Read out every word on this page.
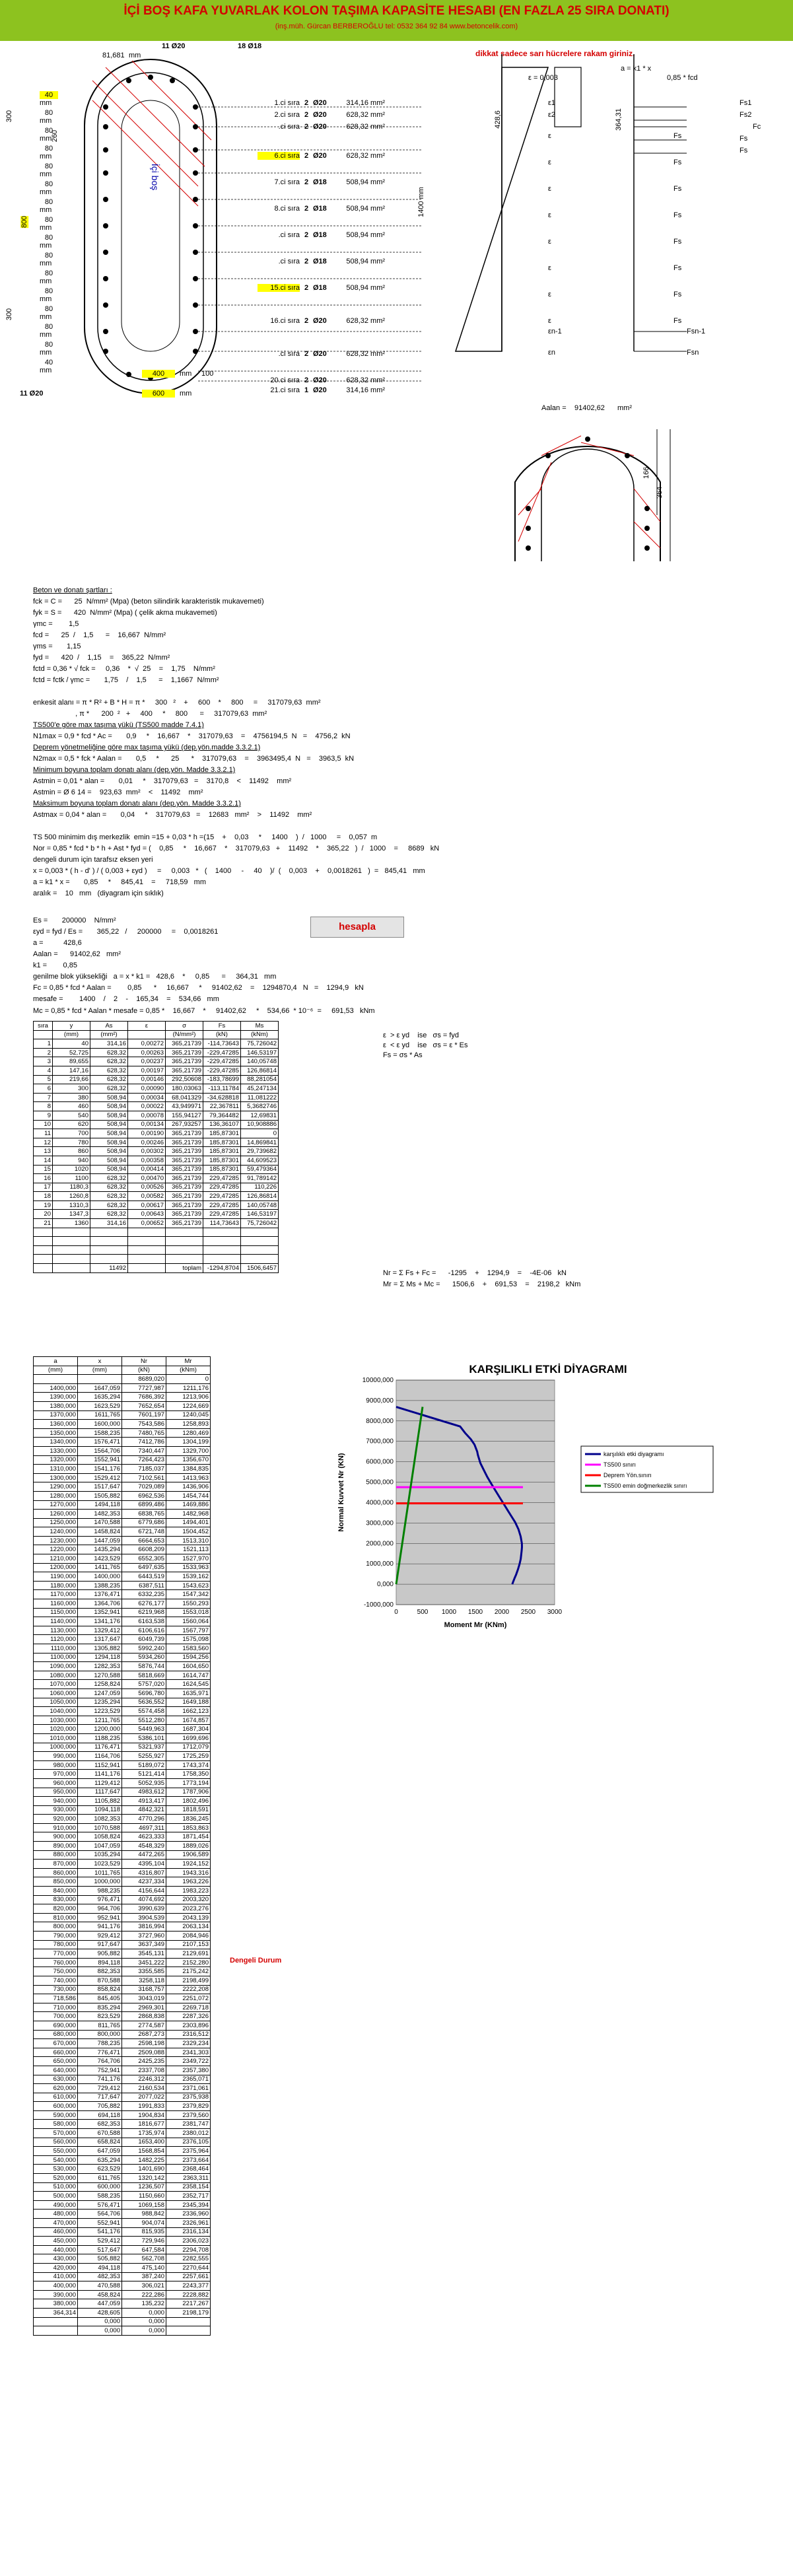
İÇİ BOŞ KAFA YUVARLAK KOLON TAŞIMA KAPASİTE HESABI (EN FAZLA 25 SIRA DONATI)
(inş.müh. Gürcan BERBEROĞLU tel: 0532 364 92 84 www.betoncelik.com)
dikkat sadece sarı hücrelere rakam giriniz.
11 Ø20	18 Ø18
81,681 mm
11 Ø20
İçi boş
400	mm 100
600	mm
300
800
300
260
1400 mm
428,6	364,31
40 mm
80 mm
80 mm
80 mm
80 mm
80 mm
80 mm
80 mm
80 mm
80 mm
80 mm
80 mm
80 mm
80 mm
80 mm
40 mm
1.ci sıra 2 Ø20	314,16 mm²
2.ci sıra 2 Ø20	628,32 mm²
.ci sıra 2 Ø20	628,32 mm²
6.ci sıra 2 Ø20	628,32 mm²
7.ci sıra 2 Ø18	508,94 mm²
8.ci sıra 2 Ø18	508,94 mm²
.ci sıra 2 Ø18	508,94 mm²
.ci sıra 2 Ø18	508,94 mm²
15.ci sıra 2 Ø18	508,94 mm²
16.ci sıra 2 Ø20	628,32 mm²
.ci sıra 2 Ø20	628,32 mm²
20.ci sıra 2 Ø20	628,32 mm²
21.ci sıra 1 Ø20	314,16 mm²
ε = 0,003	0,85 * fcd
a = k1 * x
Fs1
Fs2
Fc
Fs
Fs
Fsn-1
Fsn
εn-1
εn
ε1
ε2
ε	Fs
ε	Fs
ε	Fs
ε	Fs
ε	Fs
ε	Fs
ε	Fs
ε	Fs
Aalan = 91402,62 mm²
166
364
Beton ve donatı şartları :
fck = C =      25  N/mm² (Mpa) (beton silindirik karakteristik mukavemeti)
fyk = S =      420  N/mm² (Mpa) ( çelik akma mukavemeti)
γmc =        1,5
fcd =      25  /    1,5      =    16,667  N/mm²
γms =       1,15
fyd =      420  /    1,15    =    365,22  N/mm²
fctd = 0,36 * √ fck =     0,36    *  √  25    =    1,75    N/mm²
fctd = fctk / γmc =       1,75    /    1,5      =    1,1667  N/mm²
enkesit alanı = π * R² + B * H = π *     300   ²    +     600    *     800     =     317079,63  mm²
, π *      200  ²   +     400     *     800      =     317079,63  mm²
TS500'e göre max taşıma yükü (TS500 madde 7.4.1)
N1max = 0,9 * fcd * Ac =       0,9     *    16,667    *    317079,63    =    4756194,5  N   =    4756,2  kN
Deprem yönetmeliğine göre max taşıma yükü (dep.yön.madde 3.3.2.1)
N2max = 0,5 * fck * Aalan =       0,5     *      25      *    317079,63    =    3963495,4  N   =    3963,5  kN
Minimum boyuna toplam donatı alanı (dep.yön. Madde 3.3.2.1)
Astmin = 0,01 * alan =       0,01     *    317079,63   =    3170,8    <    11492    mm²
Astmin = Ø 6 14 =    923,63  mm²    <    11492    mm²
Maksimum boyuna toplam donatı alanı (dep.yön. Madde 3.3.2.1)
Astmax = 0,04 * alan =       0,04     *    317079,63   =    12683   mm²    >    11492    mm²
TS 500 minimim dış merkezlik  emin =15 + 0,03 * h =(15    +    0,03     *     1400    )  /   1000     =    0,057  m
Nor = 0,85 * fcd * b * h + Ast * fyd = (    0,85     *    16,667    *    317079,63   +    11492    *    365,22   )  /   1000    =     8689   kN
dengeli durum için tarafsız eksen yeri
x = 0,003 * ( h - d' ) / ( 0,003 + εyd )     =     0,003   *   (    1400     -     40    )/  (    0,003    +    0,0018261   )  =   845,41   mm
a = k1 * x =       0,85     *     845,41    =     718,59   mm
aralık =    10   mm   (diyagram için sıklık)
Es =       200000    N/mm²
εyd = fyd / Es =       365,22   /     200000     =    0,0018261
a =          428,6
Aalan =      91402,62   mm²
k1 =        0,85
genilme blok yüksekliği   a = x * k1 =   428,6    *     0,85      =     364,31   mm
Fc = 0,85 * fcd * Aalan =        0,85      *     16,667     *     91402,62    =    1294870,4   N   =    1294,9   kN
mesafe =        1400    /    2    -    165,34    =    534,66   mm
Mc = 0,85 * fcd * Aalan * mesafe = 0,85 *    16,667    *     91402,62     *    534,66  * 10⁻⁶  =     691,53   kNm
hesapla
ε  > ε yd    ise   σs = fyd
ε  < ε yd    ise   σs = ε * Es
Fs = σs * As
Nr = Σ Fs + Fc =      -1295    +    1294,9    =    -4E-06   kN
Mr = Σ Ms + Mc =      1506,6    +    691,53    =    2198,2   kNm
sıra	y	As	ε	σ	Fs	Ms
	(mm)	(mm²)		(N/mm²)	(kN)	(kNm)
1	40	314,16	0,00272	365,21739	-114,73643	75,726042
2	52,725	628,32	0,00263	365,21739	-229,47285	146,53197
3	89,655	628,32	0,00237	365,21739	-229,47285	140,05748
4	147,16	628,32	0,00197	365,21739	-229,47285	126,86814
5	219,66	628,32	0,00146	292,50608	-183,78699	88,281054
6	300	628,32	0,00090	180,03063	-113,11784	45,247134
7	380	508,94	0,00034	68,041329	-34,628818	11,081222
8	460	508,94	0,00022	43,949971	22,367811	5,3682746
9	540	508,94	0,00078	155,94127	79,364482	12,69831
10	620	508,94	0,00134	267,93257	136,36107	10,908886
11	700	508,94	0,00190	365,21739	185,87301	0
12	780	508,94	0,00246	365,21739	185,87301	14,869841
13	860	508,94	0,00302	365,21739	185,87301	29,739682
14	940	508,94	0,00358	365,21739	185,87301	44,609523
15	1020	508,94	0,00414	365,21739	185,87301	59,479364
16	1100	628,32	0,00470	365,21739	229,47285	91,789142
17	1180,3	628,32	0,00526	365,21739	229,47285	110,226
18	1260,8	628,32	0,00582	365,21739	229,47285	126,86814
19	1310,3	628,32	0,00617	365,21739	229,47285	140,05748
20	1347,3	628,32	0,00643	365,21739	229,47285	146,53197
21	1360	314,16	0,00652	365,21739	114,73643	75,726042

		11492		toplam	-1294,8704	1506,6457
a	x	Nr	Mr
(mm)	(mm)	(kN)	(kNm)
		8689,020	0
1400,000	1647,059	7727,987	1211,176
1390,000	1635,294	7686,392	1213,906
1380,000	1623,529	7652,654	1224,669
1370,000	1611,765	7601,197	1240,045
1360,000	1600,000	7543,586	1258,893
1350,000	1588,235	7480,765	1280,469
1340,000	1576,471	7412,786	1304,199
1330,000	1564,706	7340,447	1329,700
1320,000	1552,941	7264,423	1356,670
1310,000	1541,176	7185,037	1384,835
1300,000	1529,412	7102,561	1413,963
1290,000	1517,647	7029,089	1436,906
1280,000	1505,882	6962,536	1454,744
1270,000	1494,118	6899,486	1469,886
1260,000	1482,353	6838,765	1482,968
1250,000	1470,588	6779,686	1494,401
1240,000	1458,824	6721,748	1504,452
1230,000	1447,059	6664,653	1513,310
1220,000	1435,294	6608,209	1521,113
1210,000	1423,529	6552,305	1527,970
1200,000	1411,765	6497,635	1533,963
1190,000	1400,000	6443,519	1539,162
1180,000	1388,235	6387,511	1543,623
1170,000	1376,471	6332,235	1547,342
1160,000	1364,706	6276,177	1550,293
1150,000	1352,941	6219,968	1553,018
1140,000	1341,176	6163,538	1560,064
1130,000	1329,412	6106,616	1567,797
1120,000	1317,647	6049,739	1575,098
1110,000	1305,882	5992,240	1583,560
1100,000	1294,118	5934,260	1594,256
1090,000	1282,353	5876,744	1604,650
1080,000	1270,588	5818,669	1614,747
1070,000	1258,824	5757,020	1624,545
1060,000	1247,059	5696,780	1635,971
1050,000	1235,294	5636,552	1649,188
1040,000	1223,529	5574,458	1662,123
1030,000	1211,765	5512,280	1674,857
1020,000	1200,000	5449,963	1687,304
1010,000	1188,235	5386,101	1699,696
1000,000	1176,471	5321,937	1712,079
990,000	1164,706	5255,927	1725,259
980,000	1152,941	5189,072	1743,374
970,000	1141,176	5121,414	1758,350
960,000	1129,412	5052,935	1773,194
950,000	1117,647	4983,612	1787,906
940,000	1105,882	4913,417	1802,496
930,000	1094,118	4842,321	1818,591
920,000	1082,353	4770,296	1836,245
910,000	1070,588	4697,311	1853,863
900,000	1058,824	4623,333	1871,454
890,000	1047,059	4548,329	1889,026
880,000	1035,294	4472,265	1906,589
870,000	1023,529	4395,104	1924,152
860,000	1011,765	4316,807	1943,316
850,000	1000,000	4237,334	1963,226
840,000	988,235	4156,644	1983,223
830,000	976,471	4074,692	2003,320
820,000	964,706	3990,639	2023,276
810,000	952,941	3904,539	2043,139
800,000	941,176	3816,994	2063,134
790,000	929,412	3727,960	2084,946
780,000	917,647	3637,349	2107,153
770,000	905,882	3545,131	2129,691
760,000	894,118	3451,222	2152,280
750,000	882,353	3355,585	2175,242
740,000	870,588	3258,118	2198,499
730,000	858,824	3168,757	2222,208
718,586	845,405	3043,019	2251,072
710,000	835,294	2969,301	2269,718
700,000	823,529	2868,838	2287,326
690,000	811,765	2774,587	2303,896
680,000	800,000	2687,273	2316,512
670,000	788,235	2598,198	2329,234
660,000	776,471	2509,088	2341,303
650,000	764,706	2425,235	2349,722
640,000	752,941	2337,708	2357,380
630,000	741,176	2246,312	2365,071
620,000	729,412	2160,534	2371,061
610,000	717,647	2077,022	2375,938
600,000	705,882	1991,833	2379,829
590,000	694,118	1904,834	2379,560
580,000	682,353	1816,677	2381,747
570,000	670,588	1735,974	2380,012
560,000	658,824	1653,400	2376,105
550,000	647,059	1568,854	2375,964
540,000	635,294	1482,225	2373,664
530,000	623,529	1401,690	2368,464
520,000	611,765	1320,142	2363,311
510,000	600,000	1236,507	2358,154
500,000	588,235	1150,660	2352,717
490,000	576,471	1069,158	2345,394
480,000	564,706	988,842	2336,960
470,000	552,941	904,074	2326,961
460,000	541,176	815,935	2316,134
450,000	529,412	729,946	2306,023
440,000	517,647	647,584	2294,708
430,000	505,882	562,708	2282,555
420,000	494,118	475,140	2270,644
410,000	482,353	387,240	2257,661
400,000	470,588	306,021	2243,377
390,000	458,824	222,286	2228,882
380,000	447,059	135,232	2217,267
364,314	428,605	0,000	2198,179
	0,000	0,000	
	0,000	0,000	
Dengeli Durum
KARŞILIKLI ETKİ DİYAGRAMI
-1000,000
0,000
1000,000
2000,000
3000,000
4000,000
5000,000
6000,000
7000,000
8000,000
9000,000
10000,000
0	500 1000 1500 2000 2500 3000
Moment Mr (KNm)
Normal Kuvvet Nr (KN)	karşılıklı etki diyagramı
TS500 sınırı
Deprem Yön.sınırı
TS500 emin doğmerkezlik sınırı
